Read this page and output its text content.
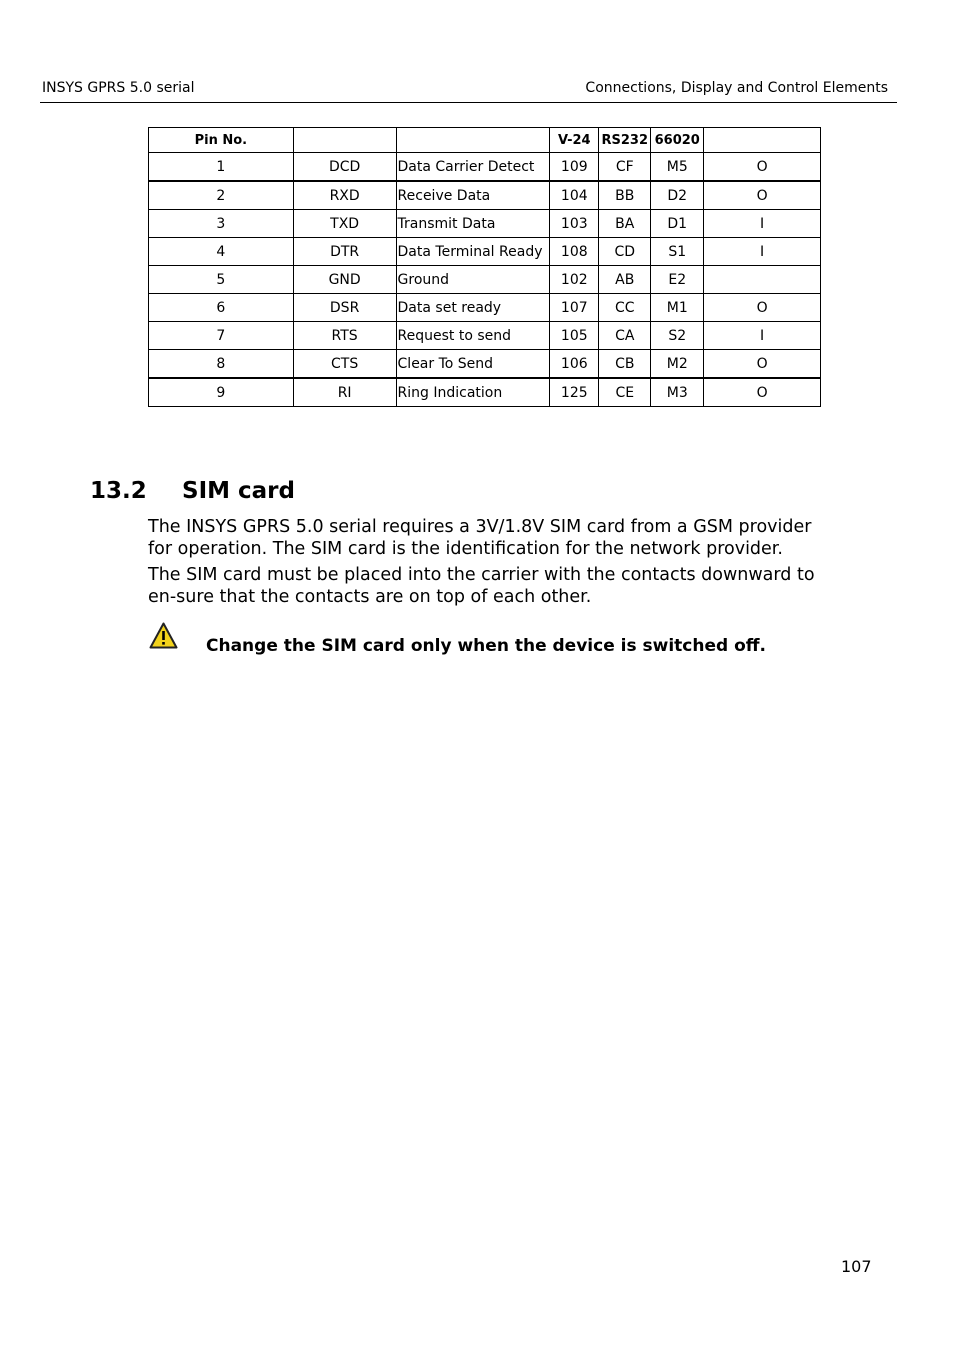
INSYS GPRS 5.0 serial	Connections, Display and Control Elements
Pin No.			V-24	RS232	66020	
1	DCD	Data Carrier Detect	109	CF	M5	O
2	RXD	Receive Data	104	BB	D2	O
3	TXD	Transmit Data	103	BA	D1	I
4	DTR	Data Terminal Ready	108	CD	S1	I
5	GND	Ground	102	AB	E2	
6	DSR	Data set ready	107	CC	M1	O
7	RTS	Request to send	105	CA	S2	I
8	CTS	Clear To Send	106	CB	M2	O
9	RI	Ring Indication	125	CE	M3	O
13.2 SIM card
The INSYS GPRS 5.0 serial requires a 3V/1.8V SIM card from a GSM provider for operation. The SIM card is the identification for the network provider.
The SIM card must be placed into the carrier with the contacts downward to en-sure that the contacts are on top of each other.
Change the SIM card only when the device is switched off.
107
